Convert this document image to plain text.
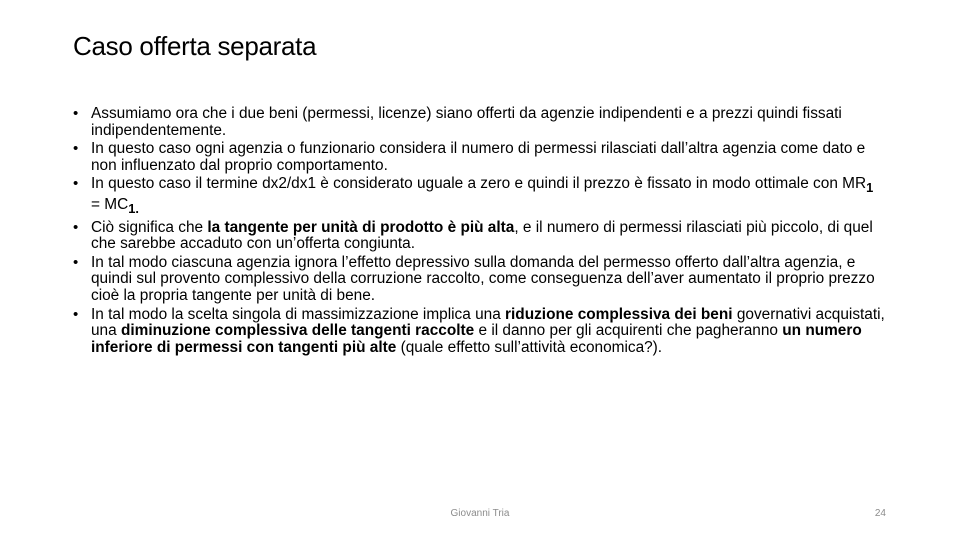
Caso offerta separata
• Assumiamo ora che i due beni (permessi, licenze) siano offerti da agenzie indipendenti e a prezzi quindi fissati indipendentemente.
• In questo caso ogni agenzia o funzionario considera il numero di permessi rilasciati dall’altra agenzia come dato e non influenzato dal proprio comportamento.
• In questo caso il termine dx2/dx1 è considerato uguale a zero e quindi il prezzo è fissato in modo ottimale con $MR_1 = MC_{1.}$
• Ciò significa che la tangente per unità di prodotto è più alta, e il numero di permessi rilasciati più piccolo, di quel che sarebbe accaduto con un’offerta congiunta.
• In tal modo ciascuna agenzia ignora l’effetto depressivo sulla domanda del permesso offerto dall’altra agenzia, e quindi sul provento complessivo della corruzione raccolto, come conseguenza dell’aver aumentato il proprio prezzo cioè la propria tangente per unità di bene.
• In tal modo la scelta singola di massimizzazione implica una riduzione complessiva dei beni governativi acquistati, una diminuzione complessiva delle tangenti raccolte e il danno per gli acquirenti che pagheranno un numero inferiore di permessi con tangenti più alte (quale effetto sull’attività economica?).
Giovanni Tria	24
